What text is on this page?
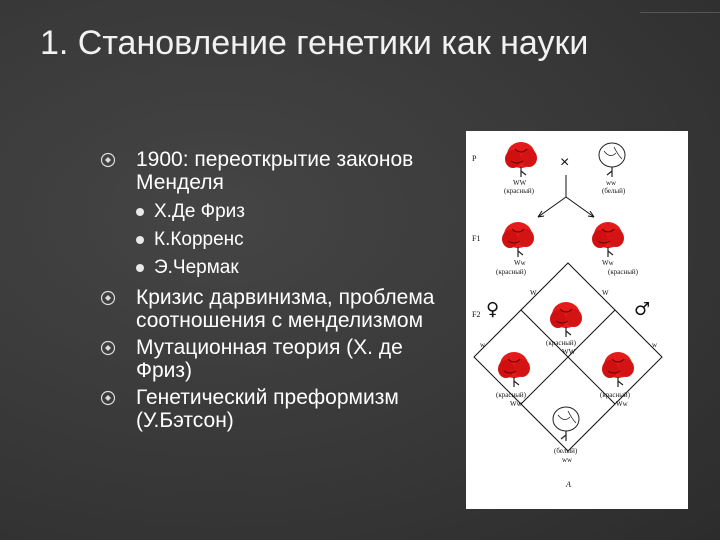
1. Становление генетики как науки
1900: переоткрытие законов Менделя
Х.Де Фриз
К.Корренс
Э.Чермак
Кризис дарвинизма, проблема соотношения с менделизмом
Мутационная теория (Х. де Фриз)
Генетический преформизм (У.Бэтсон)
P
F1
F2
WW
(красный)
×
ww
(белый)
Ww
(красный)
Ww
(красный)
W	W
w	w
♀	♂
(красный)
WW
(красный)
Ww
(красный)
Ww
(белый)
ww
A
